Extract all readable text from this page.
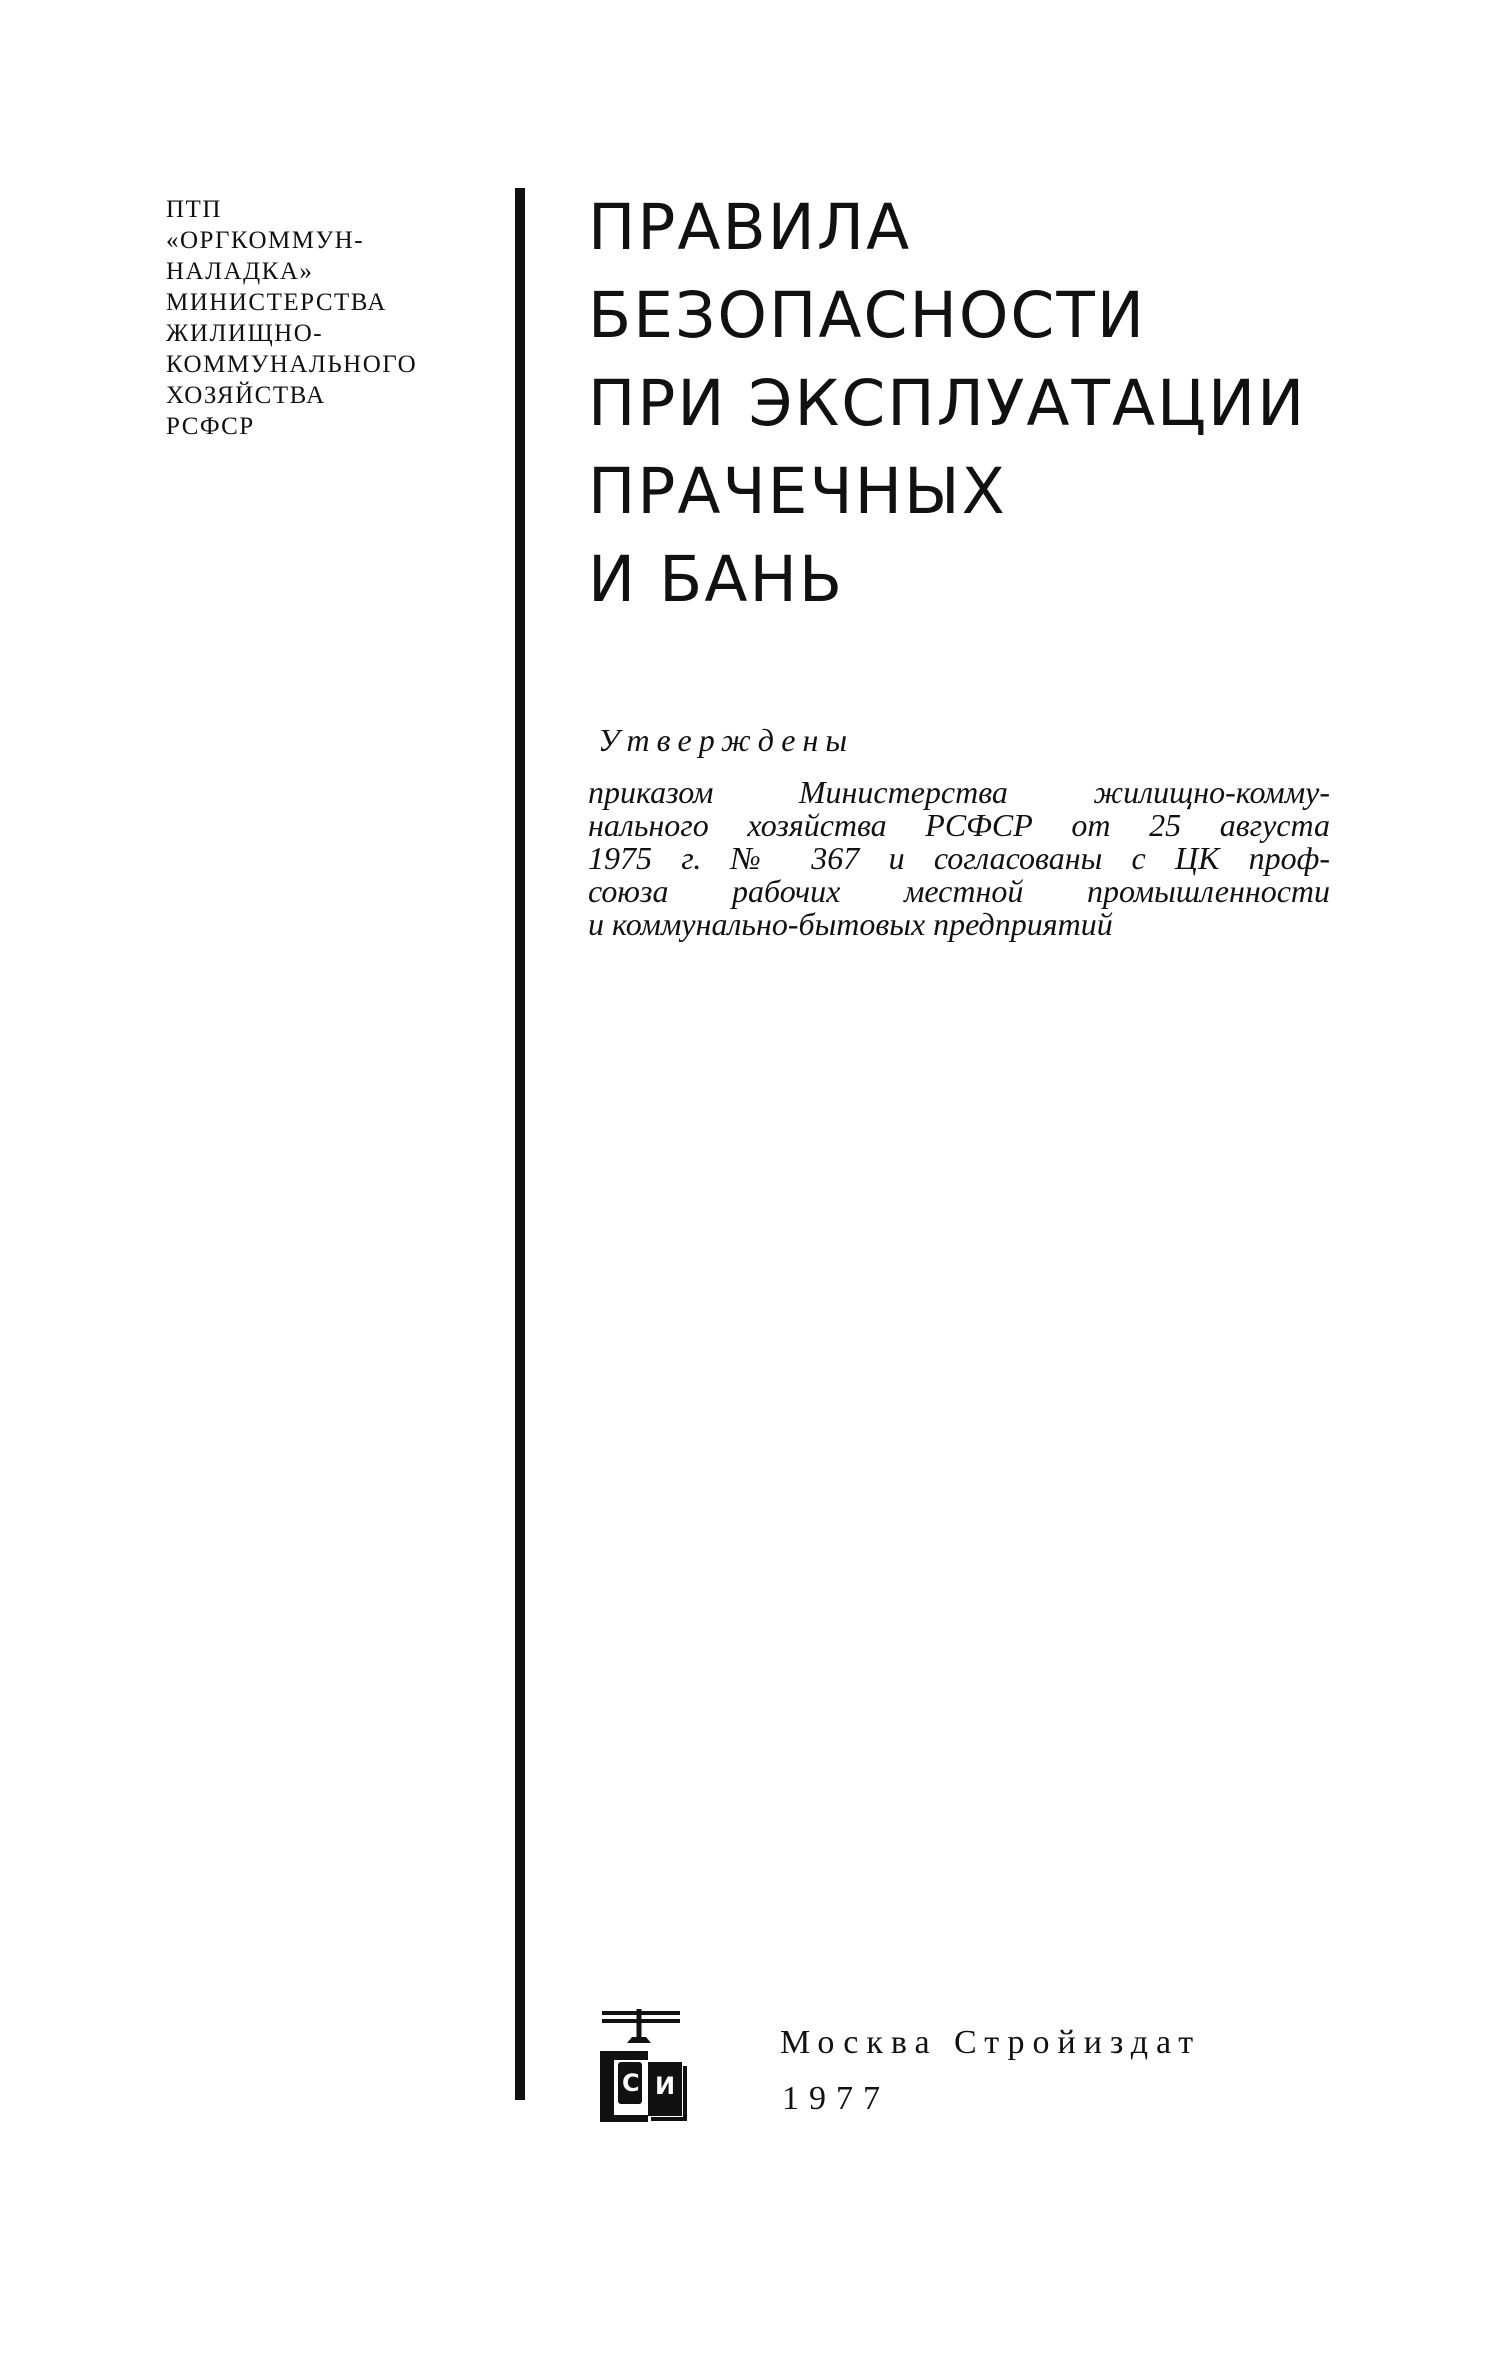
ПТП
«ОРГКОММУН-
НАЛАДКА»
МИНИСТЕРСТВА
ЖИЛИЩНО-
КОММУНАЛЬНОГО
ХОЗЯЙСТВА
РСФСР
ПРАВИЛА
БЕЗОПАСНОСТИ
ПРИ ЭКСПЛУАТАЦИИ
ПРАЧЕЧНЫХ
И БАНЬ
Утверждены
приказом Министерства жилищно-комму-
нального хозяйства РСФСР от 25 августа
1975 г. № 367 и согласованы с ЦК проф-
союза рабочих местной промышленности
и коммунально-бытовых предприятий
С И
Москва Стройиздат
1977
